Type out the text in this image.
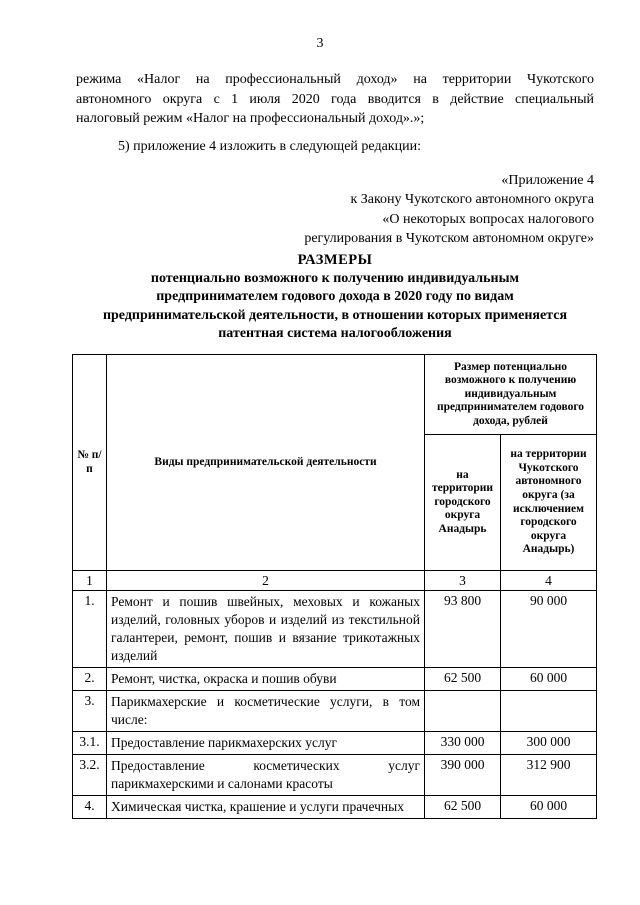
3
режима «Налог на профессиональный доход» на территории Чукотского
автономного округа с 1 июля 2020 года вводится в действие специальный
налоговый режим «Налог на профессиональный доход».»;
5) приложение 4 изложить в следующей редакции:
«Приложение 4
к Закону Чукотского автономного округа
«О некоторых вопросах налогового
регулирования в Чукотском автономном округе»
РАЗМЕРЫ
потенциально возможного к получению индивидуальным
предпринимателем годового дохода в 2020 году по видам
предпринимательской деятельности, в отношении которых применяется
патентная система налогообложения
№ п/п	Виды предпринимательской деятельности	Размер потенциально возможного к получению индивидуальным предпринимателем годового дохода, рублей	
		на территории городского округа Анадырь	на территории Чукотского автономного округа (за исключением городского округа Анадырь)
1	2	3	4
1.	Ремонт и пошив швейных, меховых и кожаных изделий, головных уборов и изделий из текстильной галантереи, ремонт, пошив и вязание трикотажных изделий	93 800	90 000
2.	Ремонт, чистка, окраска и пошив обуви	62 500	60 000
3.	Парикмахерские и косметические услуги, в том числе:		
3.1.	Предоставление парикмахерских услуг	330 000	300 000
3.2.	Предоставление косметических услуг парикмахерскими и салонами красоты	390 000	312 900
4.	Химическая чистка, крашение и услуги прачечных	62 500	60 000
